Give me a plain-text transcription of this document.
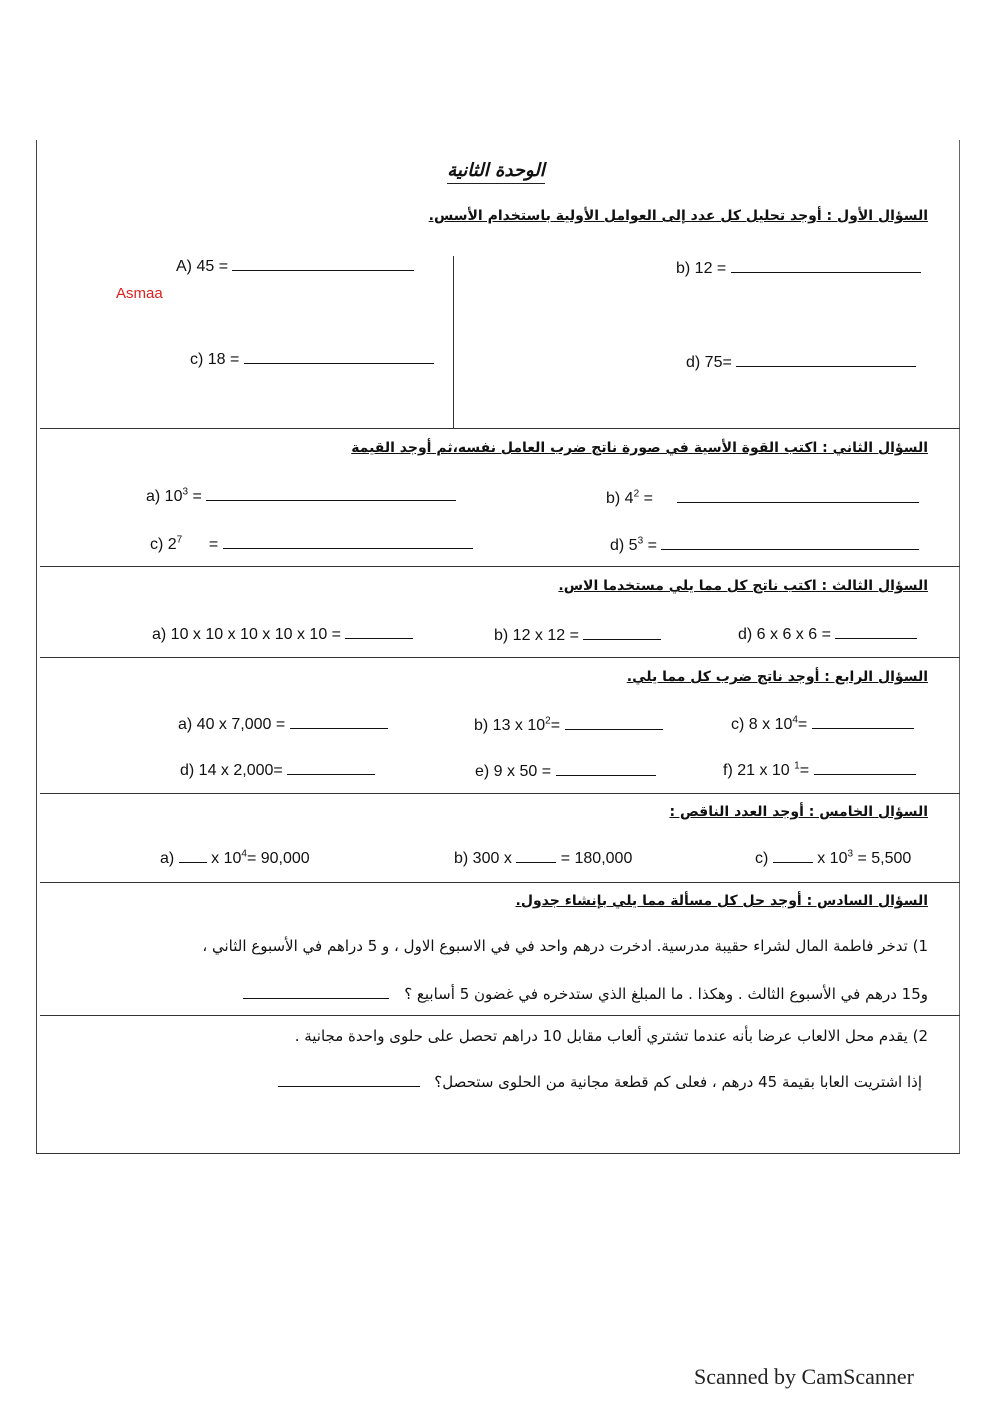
الوحدة الثانية
السؤال الأول : أوجد تحليل كل عدد إلى العوامل الأولية باستخدام الأسس.
A) 45 =	b) 12 =
Asmaa
c) 18 =	d) 75=
السؤال الثاني : اكتب القوة الأسية في صورة ناتج ضرب العامل نفسه،ثم أوجد القيمة
a) $10^3$ =	b) $4^2$ =
c) $2^7$      =	d) $5^3$ =
السؤال الثالث : اكتب ناتج كل مما يلي مستخدما الاس.
a) 10 x 10 x 10 x 10 x 10 =	b) 12 x 12 =	d) 6 x 6 x 6 =
السؤال الرابع : أوجد ناتج ضرب كل مما يلي.
a) 40 x 7,000 =	b) 13 x $10^2=$	c) 8 x $10^4=$
d) 14 x 2,000=	e) 9 x 50 =	f) 21 x 10 $^1$=
السؤال الخامس : أوجد العدد الناقص :
a) x $10^4= 90,000$	b) 300 x	= 180,000	c)	x $10^3 = 5,500$
السؤال السادس : أوجد حل كل مسألة مما يلي بإنشاء جدول.
1) تدخر فاطمة المال لشراء حقيبة مدرسية. ادخرت درهم واحد في في الاسبوع الاول ، و 5 دراهم في الأسبوع الثاني ،
و15 درهم في الأسبوع الثالث . وهكذا . ما المبلغ الذي ستدخره في غضون 5 أسابيع ؟
2) يقدم محل الالعاب عرضا بأنه عندما تشتري ألعاب مقابل 10 دراهم تحصل على حلوى واحدة مجانية .
إذا اشتريت العابا بقيمة 45 درهم ، فعلى كم قطعة مجانية من الحلوى ستحصل؟
Scanned by CamScanner
